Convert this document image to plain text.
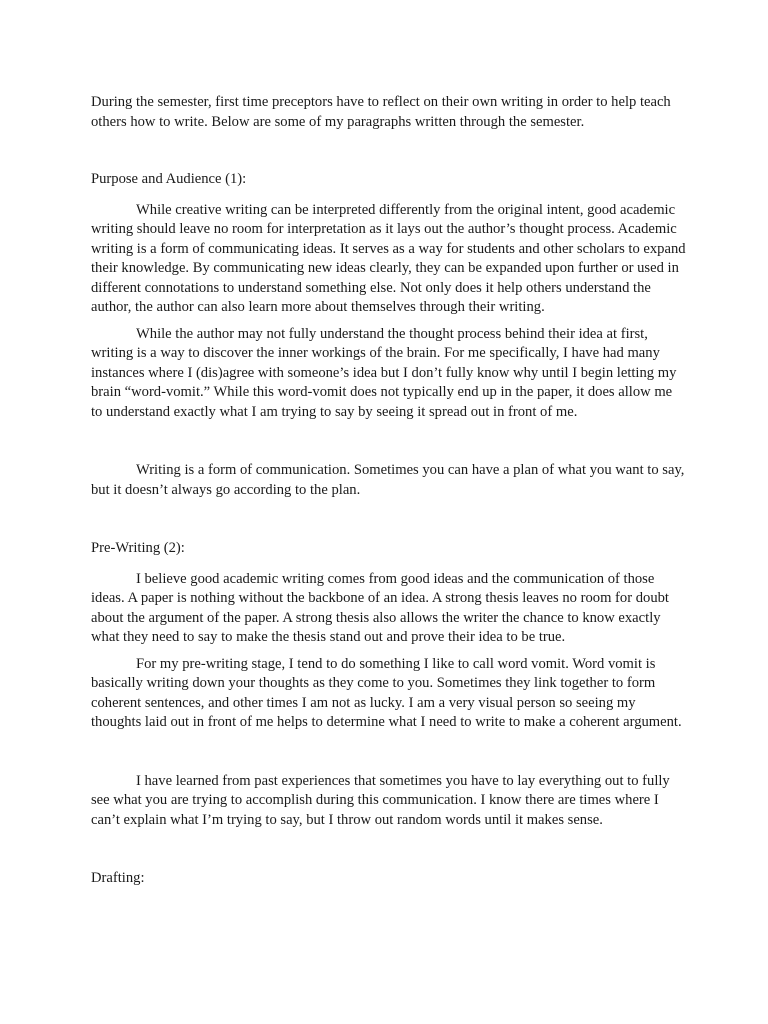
During the semester, first time preceptors have to reflect on their own writing in order to help teach others how to write. Below are some of my paragraphs written through the semester.

Purpose and Audience (1):

While creative writing can be interpreted differently from the original intent, good academic writing should leave no room for interpretation as it lays out the author’s thought process. Academic writing is a form of communicating ideas. It serves as a way for students and other scholars to expand their knowledge. By communicating new ideas clearly, they can be expanded upon further or used in different connotations to understand something else. Not only does it help others understand the author, the author can also learn more about themselves through their writing.

While the author may not fully understand the thought process behind their idea at first, writing is a way to discover the inner workings of the brain. For me specifically, I have had many instances where I (dis)agree with someone’s idea but I don’t fully know why until I begin letting my brain “word-vomit.” While this word-vomit does not typically end up in the paper, it does allow me to understand exactly what I am trying to say by seeing it spread out in front of me.

Writing is a form of communication. Sometimes you can have a plan of what you want to say, but it doesn’t always go according to the plan.

Pre-Writing (2):

I believe good academic writing comes from good ideas and the communication of those ideas. A paper is nothing without the backbone of an idea. A strong thesis leaves no room for doubt about the argument of the paper. A strong thesis also allows the writer the chance to know exactly what they need to say to make the thesis stand out and prove their idea to be true.

For my pre-writing stage, I tend to do something I like to call word vomit. Word vomit is basically writing down your thoughts as they come to you. Sometimes they link together to form coherent sentences, and other times I am not as lucky. I am a very visual person so seeing my thoughts laid out in front of me helps to determine what I need to write to make a coherent argument.

I have learned from past experiences that sometimes you have to lay everything out to fully see what you are trying to accomplish during this communication. I know there are times where I can’t explain what I’m trying to say, but I throw out random words until it makes sense.

Drafting:
